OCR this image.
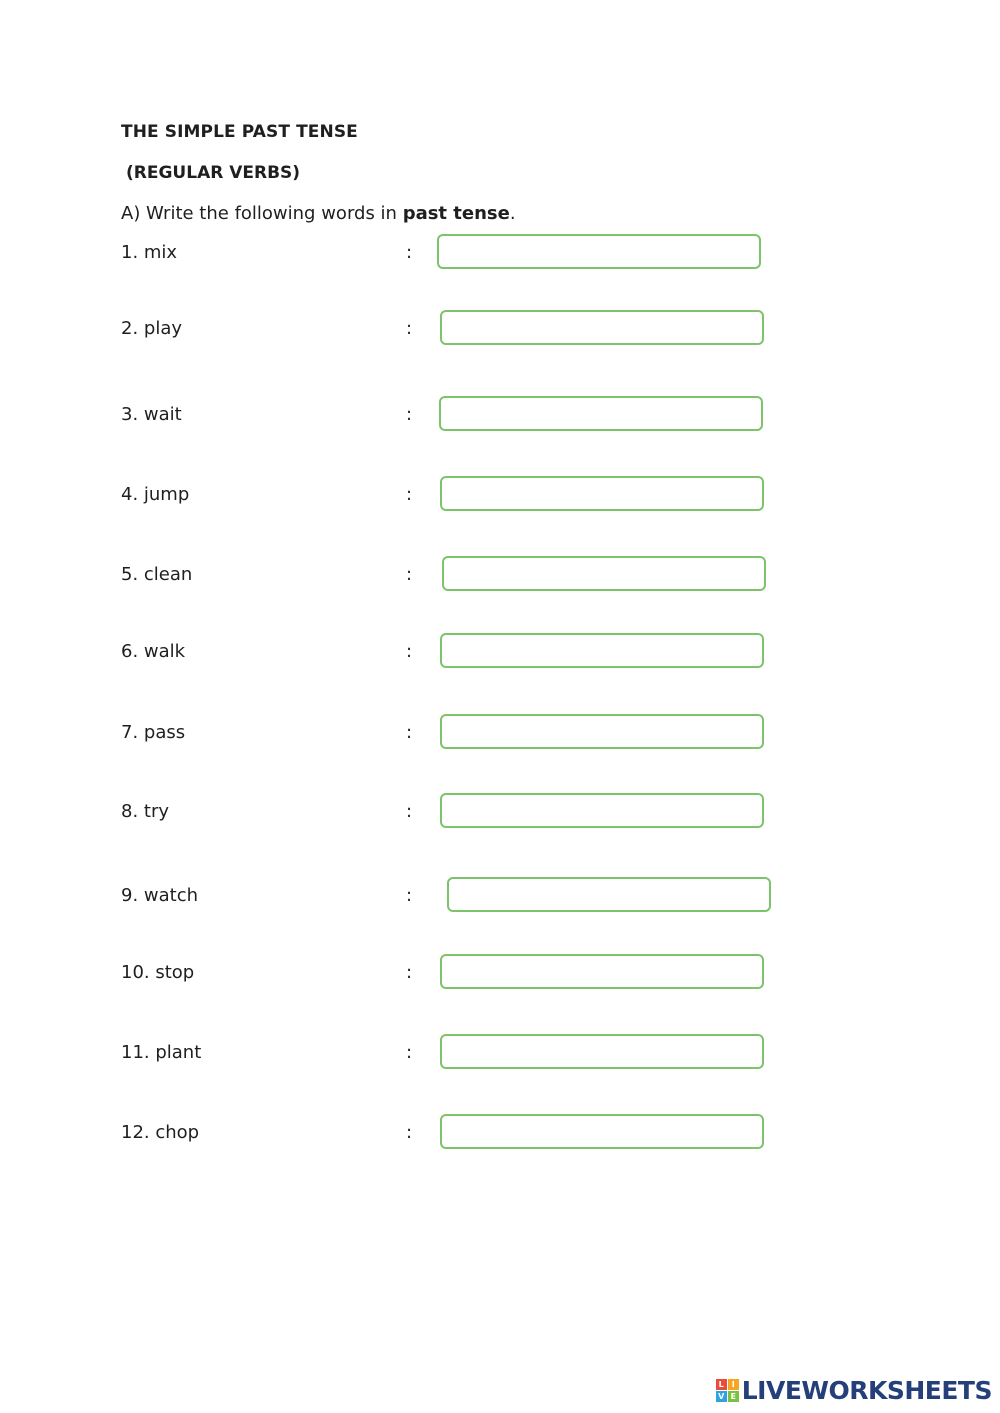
THE SIMPLE PAST TENSE
(REGULAR VERBS)

A) Write the following words in past tense.

1. mix	:
2. play	:
3. wait	:
4. jump	:
5. clean	:
6. walk	:
7. pass	:
8. try	:
9. watch	:
10. stop	:
11. plant	:
12. chop	:
L I
V E LIVEWORKSHEETS
